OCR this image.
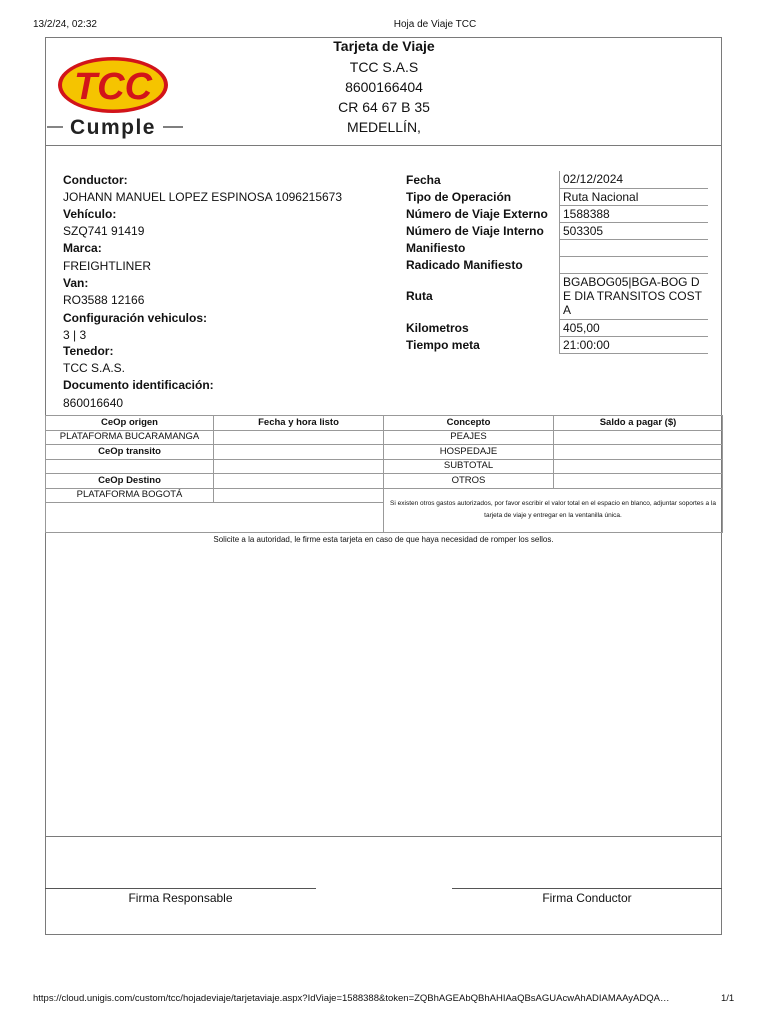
13/2/24, 02:32	Hoja de Viaje TCC
TCC
Cumple
Tarjeta de Viaje
TCC S.A.S
8600166404
CR 64 67 B 35
MEDELLÍN,
Conductor:
JOHANN MANUEL LOPEZ ESPINOSA 1096215673
Vehículo:
SZQ741 91419
Marca:
FREIGHTLINER
Van:
RO3588 12166
Configuración vehiculos:
3 | 3
Tenedor:
TCC S.A.S.
Documento identificación:
860016640
Fecha	02/12/2024
Tipo de Operación	Ruta Nacional
Número de Viaje Externo	1588388
Número de Viaje Interno	503305
Manifiesto	
Radicado Manifiesto	
Ruta	BGABOG05|BGA-BOG DE DIA TRANSITOS COSTA
Kilometros	405,00
Tiempo meta	21:00:00
CeOp origen	Fecha y hora listo	Concepto	Saldo a pagar ($)
PLATAFORMA BUCARAMANGA		PEAJES	
CeOp transito		HOSPEDAJE	
		SUBTOTAL	
CeOp Destino		OTROS	
PLATAFORMA BOGOTÁ		Si existen otros gastos autorizados, por favor escribir el valor total en el espacio en blanco, adjuntar soportes a la tarjeta de viaje y entregar en la ventanilla única.	

Solicite a la autoridad, le firme esta tarjeta en caso de que haya necesidad de romper los sellos.
Firma Responsable	Firma Conductor
https://cloud.unigis.com/custom/tcc/hojadeviaje/tarjetaviaje.aspx?IdViaje=1588388&token=ZQBhAGEAbQBhAHIAaQBsAGUAcwAhADIAMAAyADQA…	1/1
